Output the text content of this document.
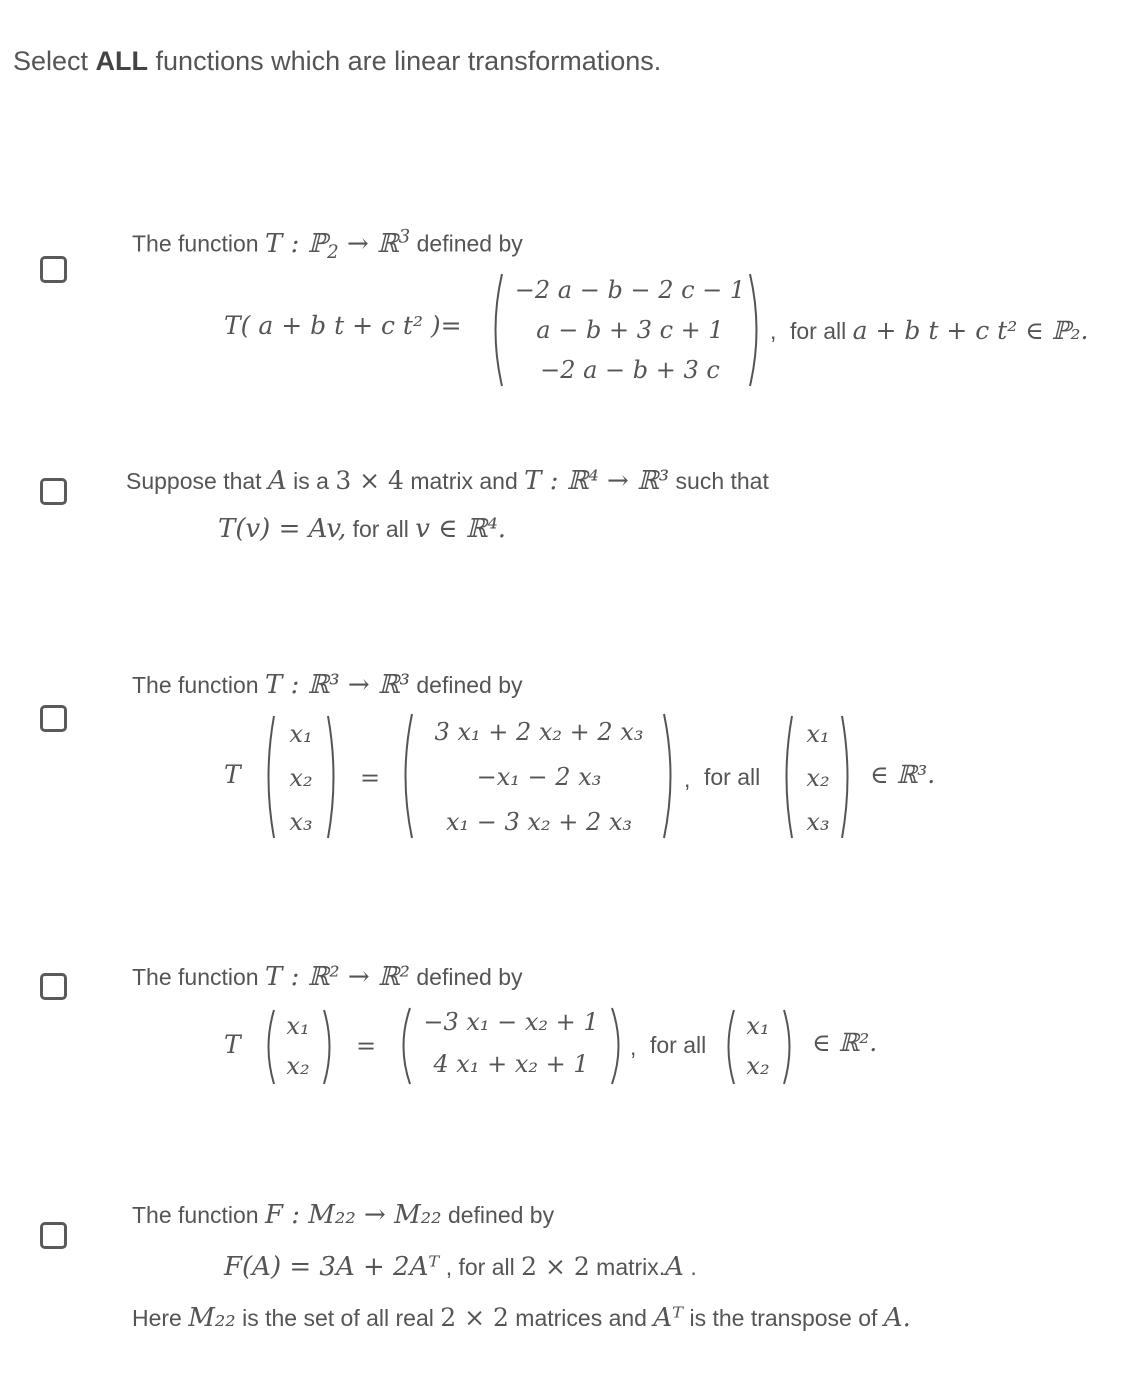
Select ALL functions which are linear transformations.
The function T : ℙ$_2$ → ℝ$^3$ defined by
T( a + b t + c t² )=
−2 a − b − 2 c − 1
a − b + 3 c + 1
−2 a − b + 3 c
, for all a + b t + c t² ∈ ℙ₂.
Suppose that A is a 3 × 4 matrix and T : ℝ⁴ → ℝ³ such that
T(v) = Av, for all v ∈ ℝ⁴.
The function T : ℝ³ → ℝ³ defined by
T
x₁
x₂
x₃
=
3 x₁ + 2 x₂ + 2 x₃
−x₁ − 2 x₃
x₁ − 3 x₂ + 2 x₃
, for all
x₁
x₂
x₃
∈ ℝ³.
The function T : ℝ² → ℝ² defined by
T
x₁
x₂
=
−3 x₁ − x₂ + 1
4 x₁ + x₂ + 1
, for all
x₁
x₂
∈ ℝ².
The function F : M₂₂ → M₂₂ defined by
F(A) = 3A + 2Aᵀ , for all 2 × 2 matrix.A .
Here M₂₂ is the set of all real 2 × 2 matrices and Aᵀ is the transpose of A.
